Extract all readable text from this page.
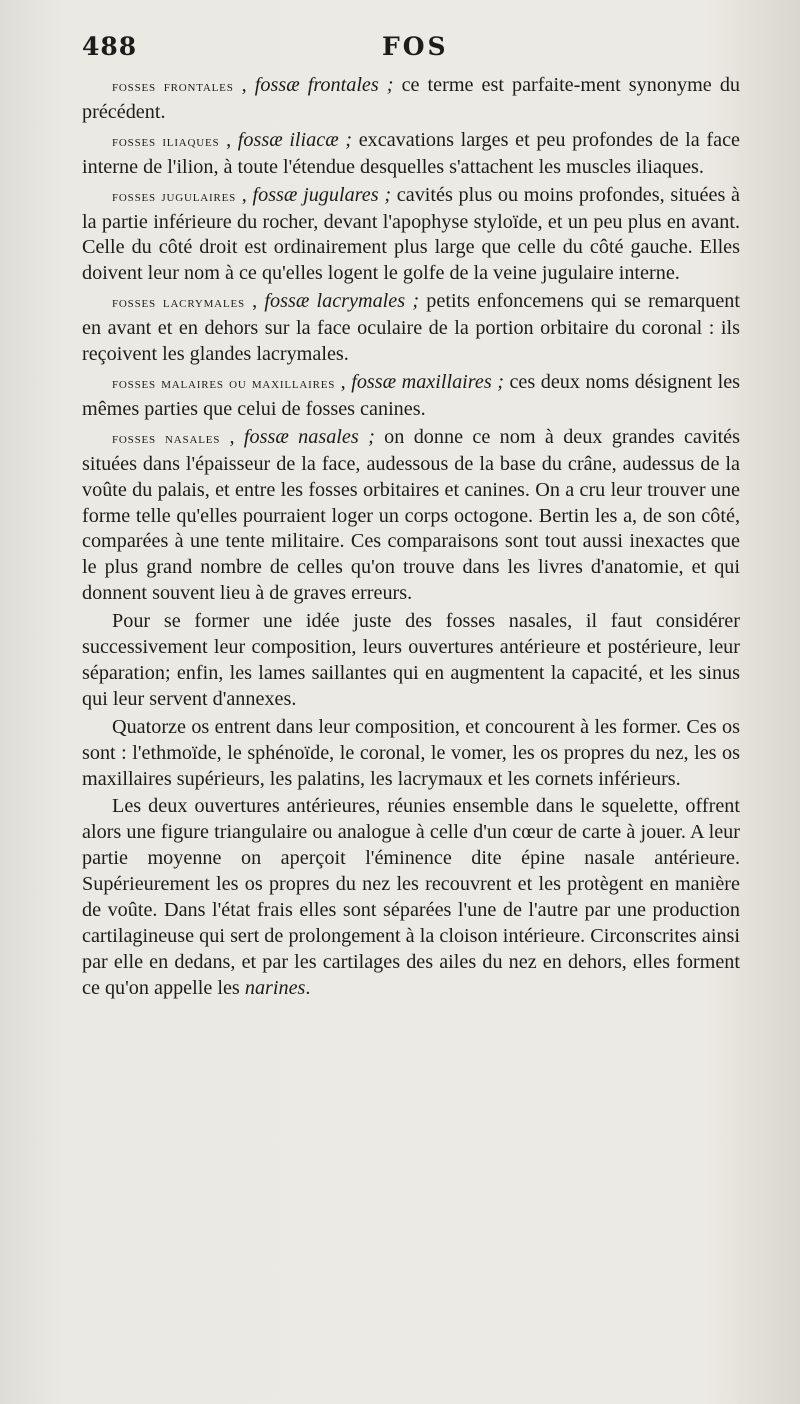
488	FOS

fosses frontales , fossæ frontales ; ce terme est parfaite-ment synonyme du précédent.

fosses iliaques , fossæ iliacæ ; excavations larges et peu profondes de la face interne de l'ilion, à toute l'étendue desquelles s'attachent les muscles iliaques.

fosses jugulaires , fossæ jugulares ; cavités plus ou moins profondes, situées à la partie inférieure du rocher, devant l'apophyse styloïde, et un peu plus en avant. Celle du côté droit est ordinairement plus large que celle du côté gauche. Elles doivent leur nom à ce qu'elles logent le golfe de la veine jugulaire interne.

fosses lacrymales , fossæ lacrymales ; petits enfoncemens qui se remarquent en avant et en dehors sur la face oculaire de la portion orbitaire du coronal : ils reçoivent les glandes lacrymales.

fosses malaires ou maxillaires , fossæ maxillaires ; ces deux noms désignent les mêmes parties que celui de fosses canines.

fosses nasales , fossæ nasales ; on donne ce nom à deux grandes cavités situées dans l'épaisseur de la face, audessous de la base du crâne, audessus de la voûte du palais, et entre les fosses orbitaires et canines. On a cru leur trouver une forme telle qu'elles pourraient loger un corps octogone. Bertin les a, de son côté, comparées à une tente militaire. Ces comparaisons sont tout aussi inexactes que le plus grand nombre de celles qu'on trouve dans les livres d'anatomie, et qui donnent souvent lieu à de graves erreurs.

Pour se former une idée juste des fosses nasales, il faut considérer successivement leur composition, leurs ouvertures antérieure et postérieure, leur séparation; enfin, les lames saillantes qui en augmentent la capacité, et les sinus qui leur servent d'annexes.

Quatorze os entrent dans leur composition, et concourent à les former. Ces os sont : l'ethmoïde, le sphénoïde, le coronal, le vomer, les os propres du nez, les os maxillaires supérieurs, les palatins, les lacrymaux et les cornets inférieurs.

Les deux ouvertures antérieures, réunies ensemble dans le squelette, offrent alors une figure triangulaire ou analogue à celle d'un cœur de carte à jouer. A leur partie moyenne on aperçoit l'éminence dite épine nasale antérieure. Supérieurement les os propres du nez les recouvrent et les protègent en manière de voûte. Dans l'état frais elles sont séparées l'une de l'autre par une production cartilagineuse qui sert de prolongement à la cloison intérieure. Circonscrites ainsi par elle en dedans, et par les cartilages des ailes du nez en dehors, elles forment ce qu'on appelle les narines.
